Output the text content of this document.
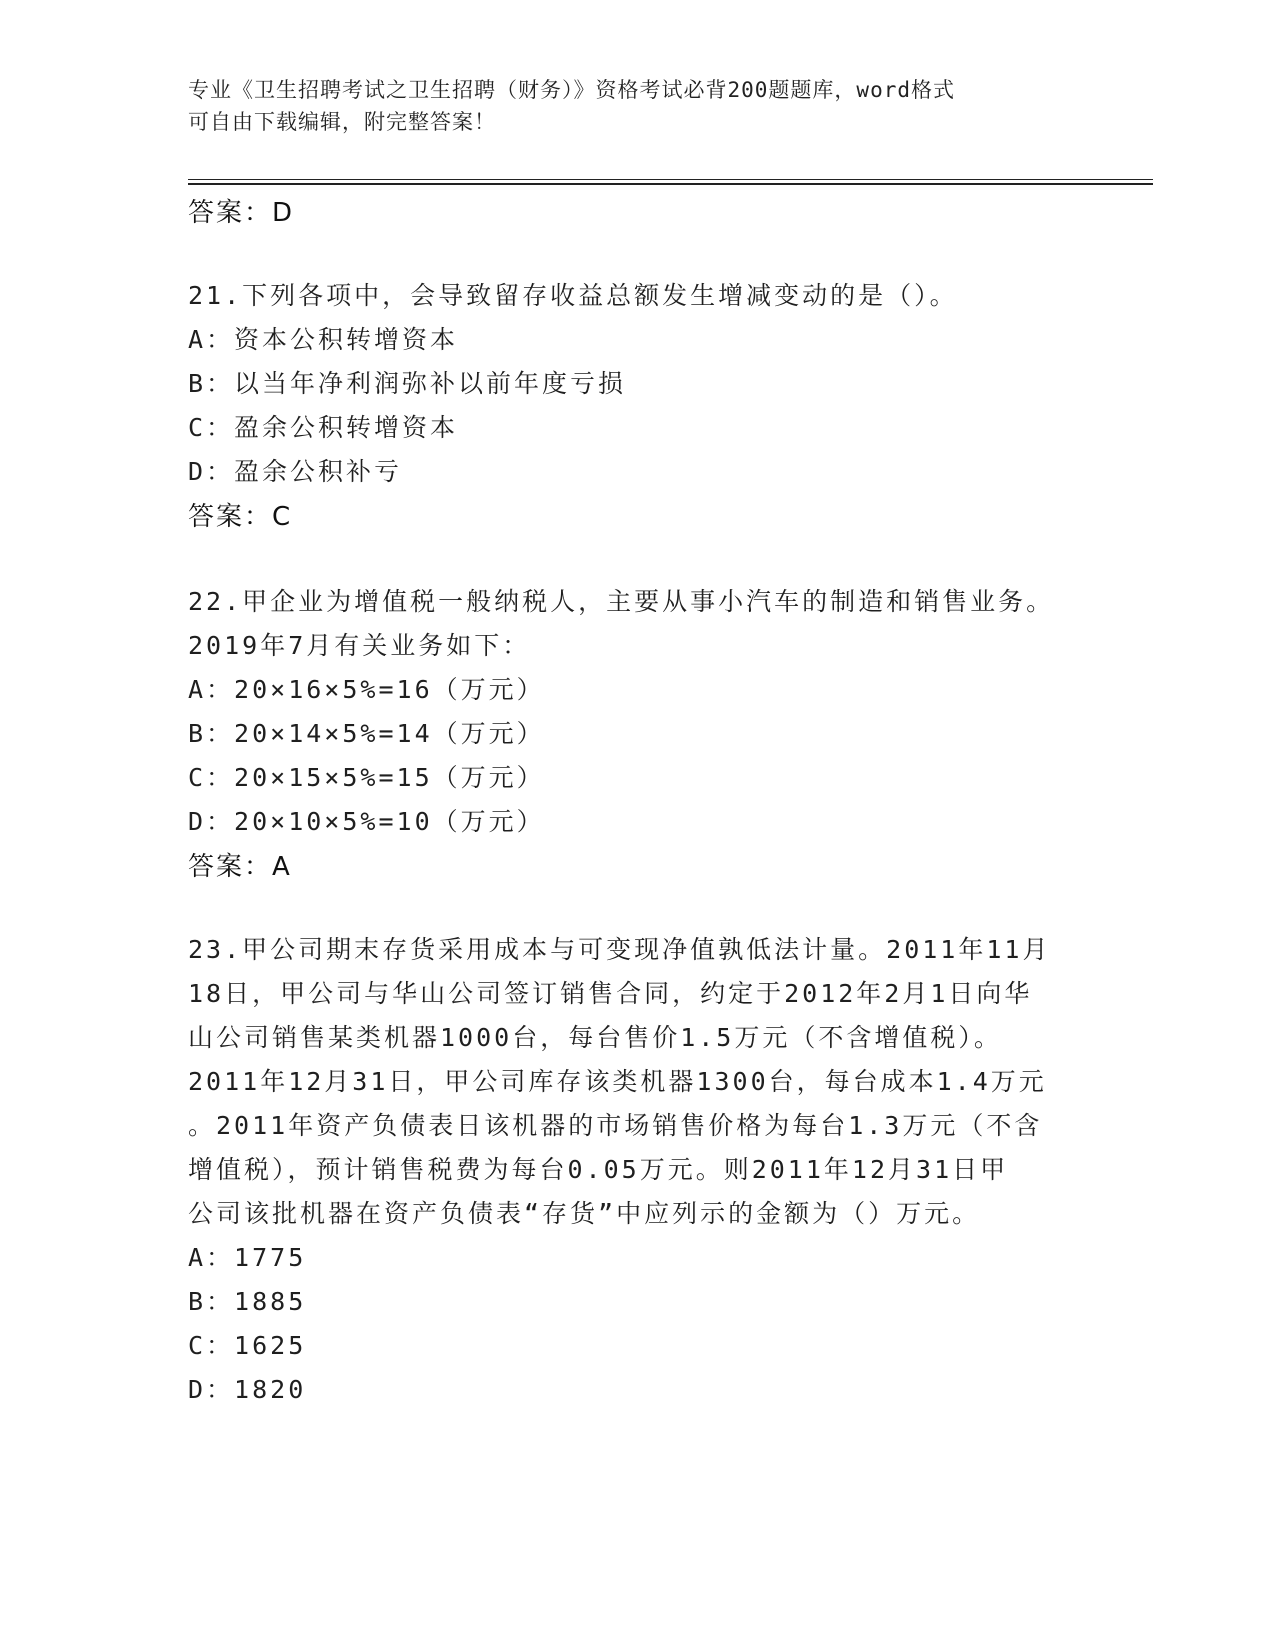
专业《卫生招聘考试之卫生招聘（财务）》资格考试必背200题题库，word格式
可自由下载编辑，附完整答案！
答案：D
21.下列各项中，会导致留存收益总额发生增减变动的是（）。
A：资本公积转增资本
B：以当年净利润弥补以前年度亏损
C：盈余公积转增资本
D：盈余公积补亏
答案：C
22.甲企业为增值税一般纳税人，主要从事小汽车的制造和销售业务。
2019年7月有关业务如下：
A：20×16×5%=16（万元）
B：20×14×5%=14（万元）
C：20×15×5%=15（万元）
D：20×10×5%=10（万元）
答案：A
23.甲公司期末存货采用成本与可变现净值孰低法计量。2011年11月
18日，甲公司与华山公司签订销售合同，约定于2012年2月1日向华
山公司销售某类机器1000台，每台售价1.5万元（不含增值税）。
2011年12月31日，甲公司库存该类机器1300台，每台成本1.4万元
。2011年资产负债表日该机器的市场销售价格为每台1.3万元（不含
增值税），预计销售税费为每台0.05万元。则2011年12月31日甲
公司该批机器在资产负债表“存货”中应列示的金额为（）万元。
A：1775
B：1885
C：1625
D：1820
